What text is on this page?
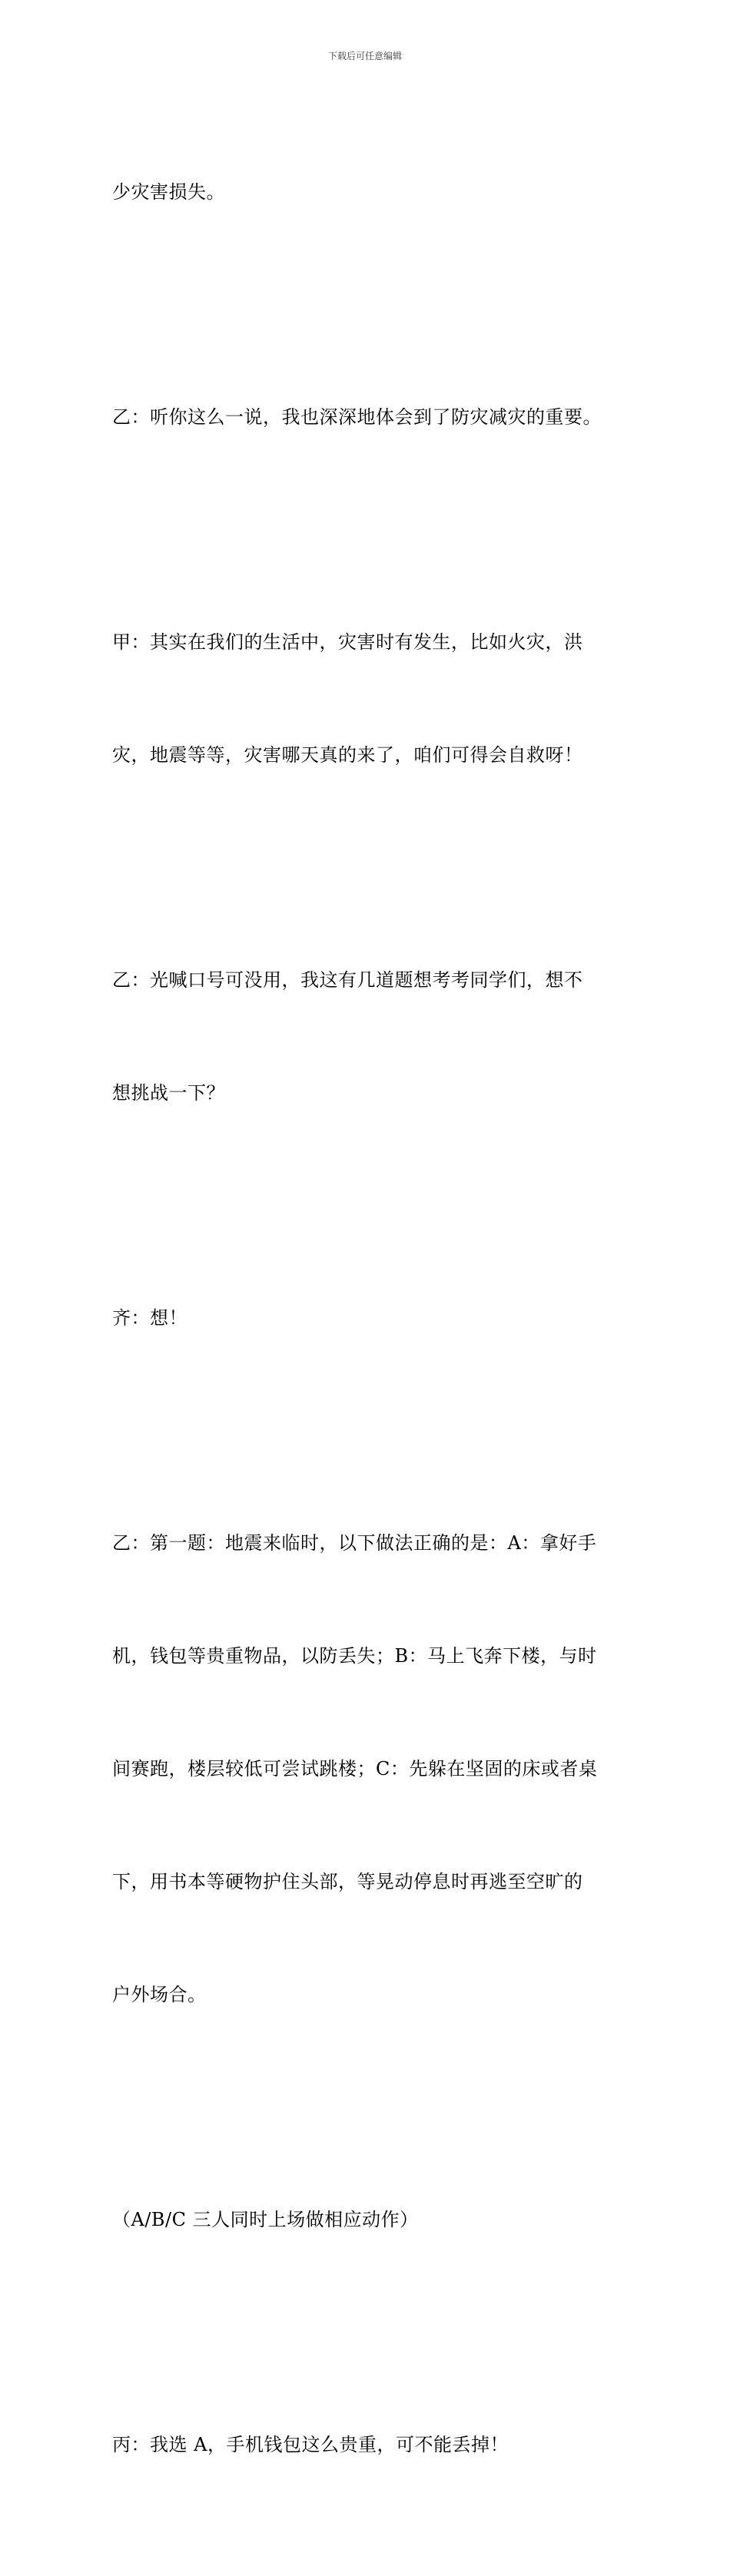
下载后可任意编辑

少灾害损失。

乙：听你这么一说，我也深深地体会到了防灾减灾的重要。

甲：其实在我们的生活中，灾害时有发生，比如火灾，洪

灾，地震等等，灾害哪天真的来了，咱们可得会自救呀！

乙：光喊口号可没用，我这有几道题想考考同学们，想不

想挑战一下？

齐：想！

乙：第一题：地震来临时，以下做法正确的是：A：拿好手

机，钱包等贵重物品，以防丢失；B：马上飞奔下楼，与时

间赛跑，楼层较低可尝试跳楼；C：先躲在坚固的床或者桌

下，用书本等硬物护住头部，等晃动停息时再逃至空旷的

户外场合。

（A/B/C 三人同时上场做相应动作）

丙：我选 A，手机钱包这么贵重，可不能丢掉！
